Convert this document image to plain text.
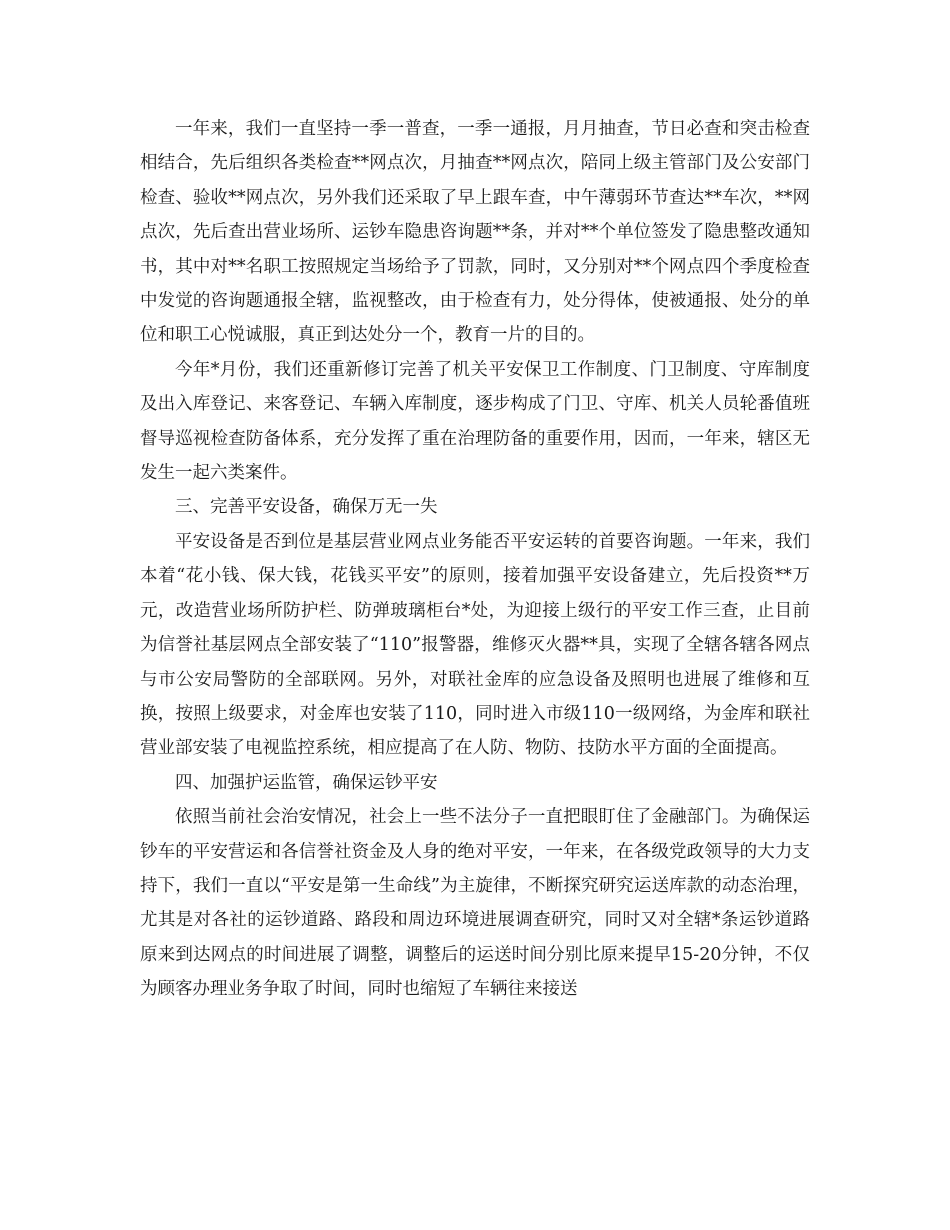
一年来，我们一直坚持一季一普查，一季一通报，月月抽查，节日必查和突击检查相结合，先后组织各类检查**网点次，月抽查**网点次，陪同上级主管部门及公安部门检查、验收**网点次，另外我们还采取了早上跟车查，中午薄弱环节查达**车次，**网点次，先后查出营业场所、运钞车隐患咨询题**条，并对**个单位签发了隐患整改通知书，其中对**名职工按照规定当场给予了罚款，同时，又分别对**个网点四个季度检查中发觉的咨询题通报全辖，监视整改，由于检查有力，处分得体，使被通报、处分的单位和职工心悦诚服，真正到达处分一个，教育一片的目的。

今年*月份，我们还重新修订完善了机关平安保卫工作制度、门卫制度、守库制度及出入库登记、来客登记、车辆入库制度，逐步构成了门卫、守库、机关人员轮番值班督导巡视检查防备体系，充分发挥了重在治理防备的重要作用，因而，一年来，辖区无发生一起六类案件。

三、完善平安设备，确保万无一失

平安设备是否到位是基层营业网点业务能否平安运转的首要咨询题。一年来，我们本着“花小钱、保大钱，花钱买平安”的原则，接着加强平安设备建立，先后投资**万元，改造营业场所防护栏、防弹玻璃柜台*处，为迎接上级行的平安工作三查，止目前为信誉社基层网点全部安装了“110”报警器，维修灭火器**具，实现了全辖各辖各网点与市公安局警防的全部联网。另外，对联社金库的应急设备及照明也进展了维修和互换，按照上级要求，对金库也安装了110，同时进入市级110一级网络，为金库和联社营业部安装了电视监控系统，相应提高了在人防、物防、技防水平方面的全面提高。

四、加强护运监管，确保运钞平安

依照当前社会治安情况，社会上一些不法分子一直把眼盯住了金融部门。为确保运钞车的平安营运和各信誉社资金及人身的绝对平安，一年来，在各级党政领导的大力支持下，我们一直以“平安是第一生命线”为主旋律，不断探究研究运送库款的动态治理，尤其是对各社的运钞道路、路段和周边环境进展调查研究，同时又对全辖*条运钞道路原来到达网点的时间进展了调整，调整后的运送时间分别比原来提早15-20分钟，不仅为顾客办理业务争取了时间，同时也缩短了车辆往来接送
